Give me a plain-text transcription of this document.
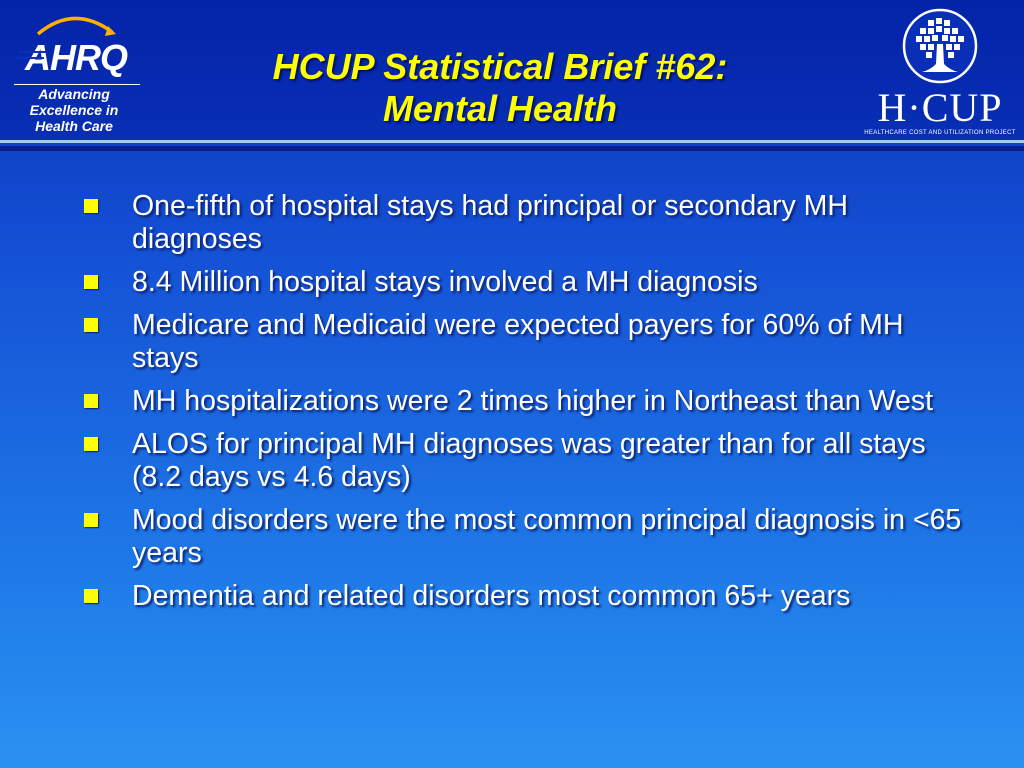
AHRQ
Advancing
Excellence in
Health Care
HCUP Statistical Brief #62:
Mental Health	H·CUP
HEALTHCARE COST AND UTILIZATION PROJECT
One-fifth of hospital stays had principal or secondary MH diagnoses
8.4 Million hospital stays involved a MH diagnosis
Medicare and Medicaid were expected payers for 60% of MH stays
MH hospitalizations were 2 times higher in Northeast than West
ALOS for principal MH diagnoses was greater than for all stays (8.2 days vs 4.6 days)
Mood disorders were the most common principal diagnosis in <65 years
Dementia and related disorders most common 65+ years
